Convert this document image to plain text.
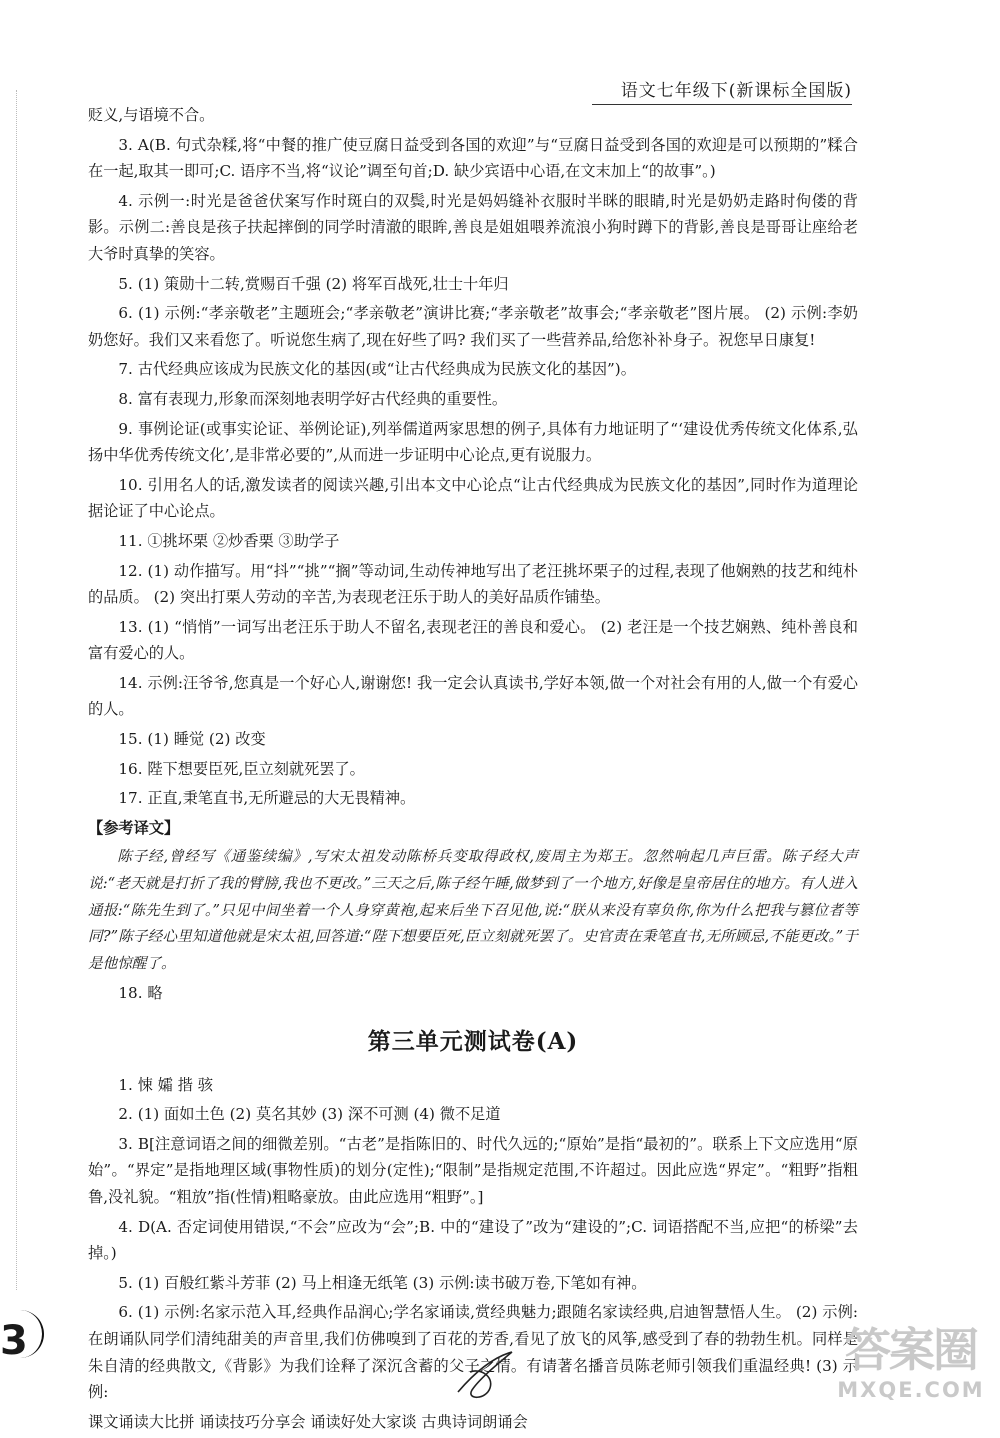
语文七年级下(新课标全国版)

贬义,与语境不合。

3. A(B. 句式杂糅,将“中餐的推广使豆腐日益受到各国的欢迎”与“豆腐日益受到各国的欢迎是可以预期的”糅合在一起,取其一即可;C. 语序不当,将“议论”调至句首;D. 缺少宾语中心语,在文末加上“的故事”。)

4. 示例一:时光是爸爸伏案写作时斑白的双鬓,时光是妈妈缝补衣服时半眯的眼睛,时光是奶奶走路时佝偻的背影。示例二:善良是孩子扶起摔倒的同学时清澈的眼眸,善良是姐姐喂养流浪小狗时蹲下的背影,善良是哥哥让座给老大爷时真挚的笑容。

5. (1) 策勋十二转,赏赐百千强 (2) 将军百战死,壮士十年归

6. (1) 示例:“孝亲敬老”主题班会;“孝亲敬老”演讲比赛;“孝亲敬老”故事会;“孝亲敬老”图片展。 (2) 示例:李奶奶您好。我们又来看您了。听说您生病了,现在好些了吗? 我们买了一些营养品,给您补补身子。祝您早日康复!

7. 古代经典应该成为民族文化的基因(或“让古代经典成为民族文化的基因”)。

8. 富有表现力,形象而深刻地表明学好古代经典的重要性。

9. 事例论证(或事实论证、举例论证),列举儒道两家思想的例子,具体有力地证明了“‘建设优秀传统文化体系,弘扬中华优秀传统文化’,是非常必要的”,从而进一步证明中心论点,更有说服力。

10. 引用名人的话,激发读者的阅读兴趣,引出本文中心论点“让古代经典成为民族文化的基因”,同时作为道理论据论证了中心论点。

11. ①挑坏栗 ②炒香栗 ③助学子

12. (1) 动作描写。用“抖”“挑”“搁”等动词,生动传神地写出了老汪挑坏栗子的过程,表现了他娴熟的技艺和纯朴的品质。 (2) 突出打栗人劳动的辛苦,为表现老汪乐于助人的美好品质作铺垫。

13. (1) “悄悄”一词写出老汪乐于助人不留名,表现老汪的善良和爱心。 (2) 老汪是一个技艺娴熟、纯朴善良和富有爱心的人。

14. 示例:汪爷爷,您真是一个好心人,谢谢您! 我一定会认真读书,学好本领,做一个对社会有用的人,做一个有爱心的人。

15. (1) 睡觉 (2) 改变

16. 陛下想要臣死,臣立刻就死罢了。

17. 正直,秉笔直书,无所避忌的大无畏精神。

【参考译文】

陈子经,曾经写《通鉴续编》,写宋太祖发动陈桥兵变取得政权,废周主为郑王。忽然响起几声巨雷。陈子经大声说:“老天就是打折了我的臂膀,我也不更改。”三天之后,陈子经午睡,做梦到了一个地方,好像是皇帝居住的地方。有人进入通报:“陈先生到了。”只见中间坐着一个人身穿黄袍,起来后坐下召见他,说:“朕从来没有辜负你,你为什么把我与篡位者等同?”陈子经心里知道他就是宋太祖,回答道:“陛下想要臣死,臣立刻就死罢了。史官责在秉笔直书,无所顾忌,不能更改。”于是他惊醒了。

18. 略

第三单元测试卷(A)

1. 悚 孀 揩 骇

2. (1) 面如土色 (2) 莫名其妙 (3) 深不可测 (4) 微不足道

3. B[注意词语之间的细微差别。“古老”是指陈旧的、时代久远的;“原始”是指“最初的”。联系上下文应选用“原始”。“界定”是指地理区域(事物性质)的划分(定性);“限制”是指规定范围,不许超过。因此应选“界定”。“粗野”指粗鲁,没礼貌。“粗放”指(性情)粗略豪放。由此应选用“粗野”。]

4. D(A. 否定词使用错误,“不会”应改为“会”;B. 中的“建设了”改为“建设的”;C. 词语搭配不当,应把“的桥梁”去掉。)

5. (1) 百般红紫斗芳菲 (2) 马上相逢无纸笔 (3) 示例:读书破万卷,下笔如有神。

6. (1) 示例:名家示范入耳,经典作品润心;学名家诵读,赏经典魅力;跟随名家读经典,启迪智慧悟人生。 (2) 示例:在朗诵队同学们清纯甜美的声音里,我们仿佛嗅到了百花的芳香,看见了放飞的风筝,感受到了春的勃勃生机。同样是朱自清的经典散文,《背影》为我们诠释了深沉含蓄的父子之情。有请著名播音员陈老师引领我们重温经典! (3) 示例:

课文诵读大比拼 诵读技巧分享会 诵读好处大家谈 古典诗词朗诵会

3	答案圈
MXQE.COM
